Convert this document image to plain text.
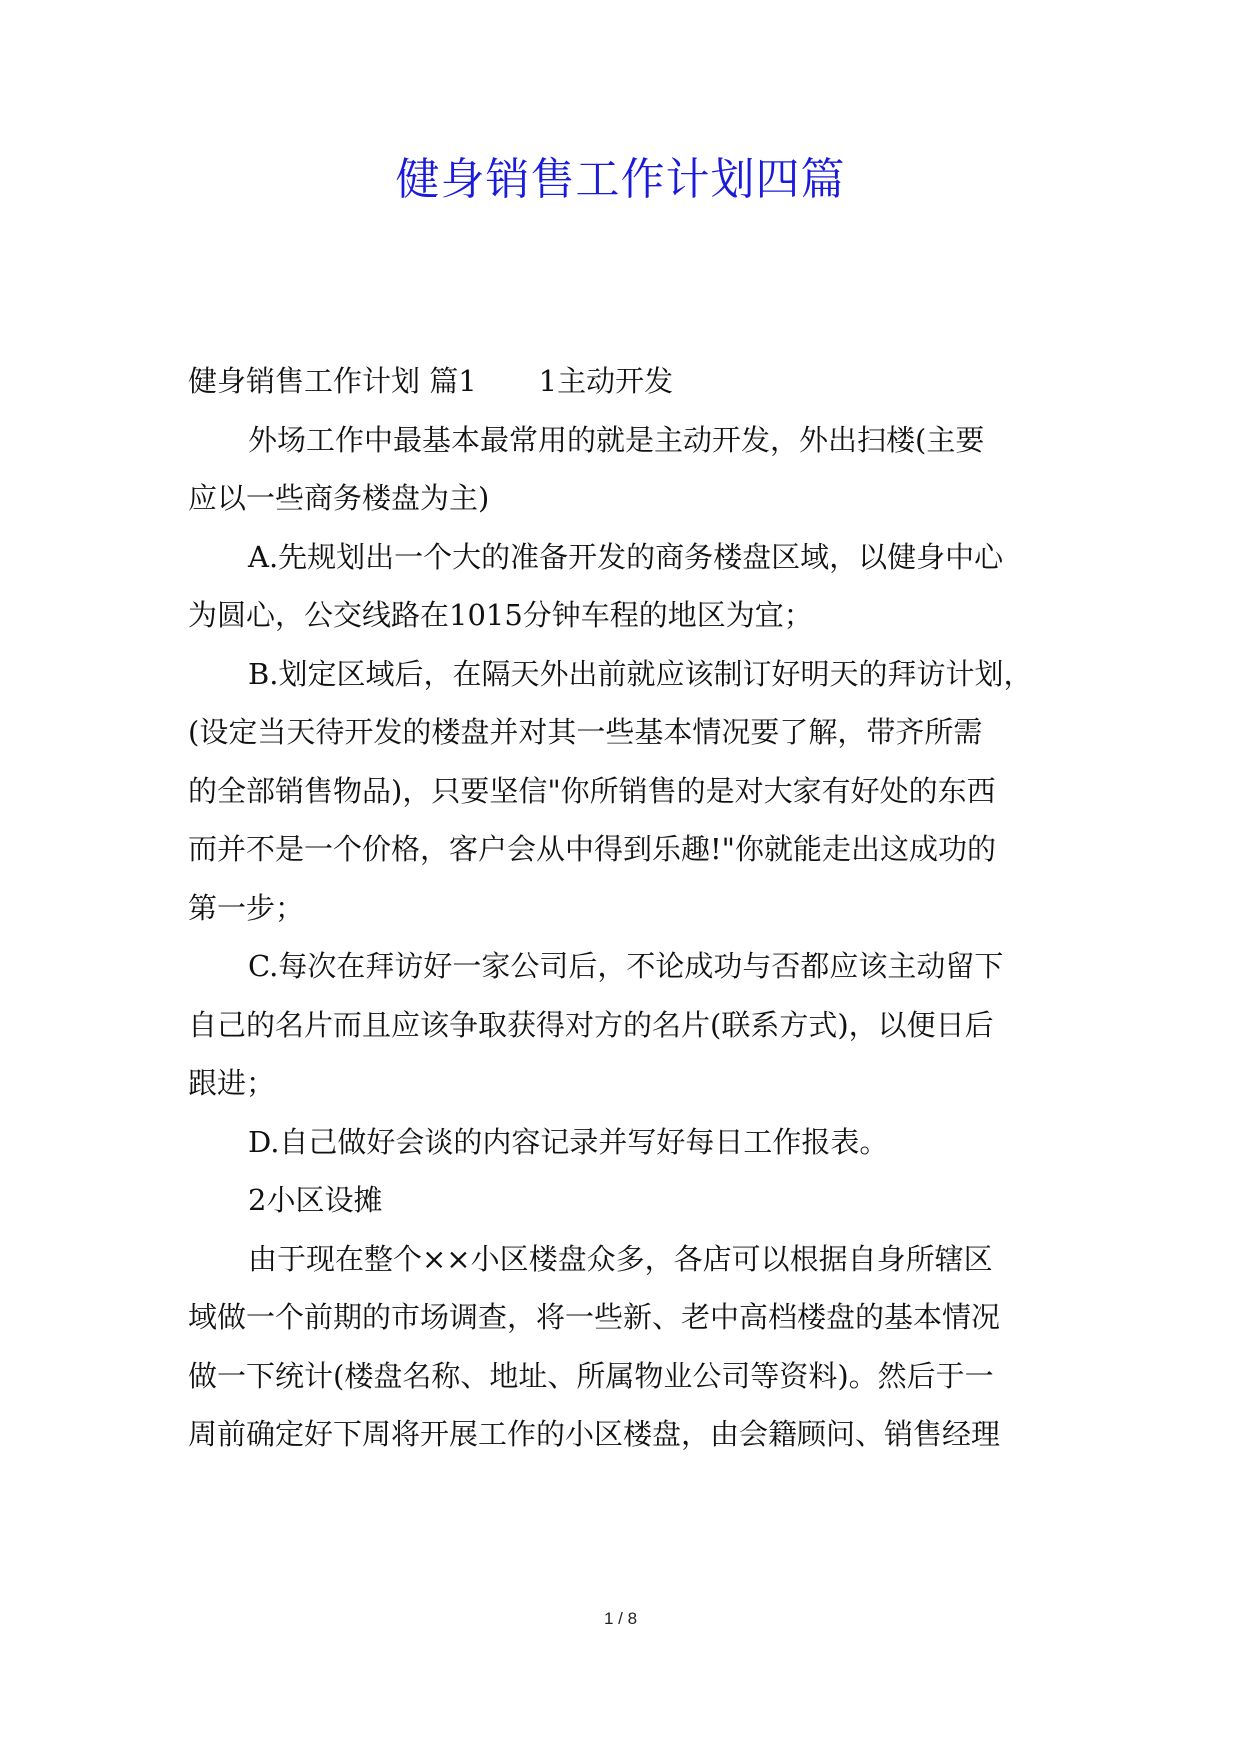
健身销售工作计划四篇
健身销售工作计划 篇1 1主动开发
外场工作中最基本最常用的就是主动开发，外出扫楼(主要
应以一些商务楼盘为主)
A.先规划出一个大的准备开发的商务楼盘区域，以健身中心
为圆心，公交线路在1015分钟车程的地区为宜；
B.划定区域后，在隔天外出前就应该制订好明天的拜访计划，
(设定当天待开发的楼盘并对其一些基本情况要了解，带齐所需
的全部销售物品)，只要坚信"你所销售的是对大家有好处的东西
而并不是一个价格，客户会从中得到乐趣!"你就能走出这成功的
第一步；
C.每次在拜访好一家公司后，不论成功与否都应该主动留下
自己的名片而且应该争取获得对方的名片(联系方式)，以便日后
跟进；
D.自己做好会谈的内容记录并写好每日工作报表。
2小区设摊
由于现在整个××小区楼盘众多，各店可以根据自身所辖区
域做一个前期的市场调查，将一些新、老中高档楼盘的基本情况
做一下统计(楼盘名称、地址、所属物业公司等资料)。然后于一
周前确定好下周将开展工作的小区楼盘，由会籍顾问、销售经理
1 / 8
